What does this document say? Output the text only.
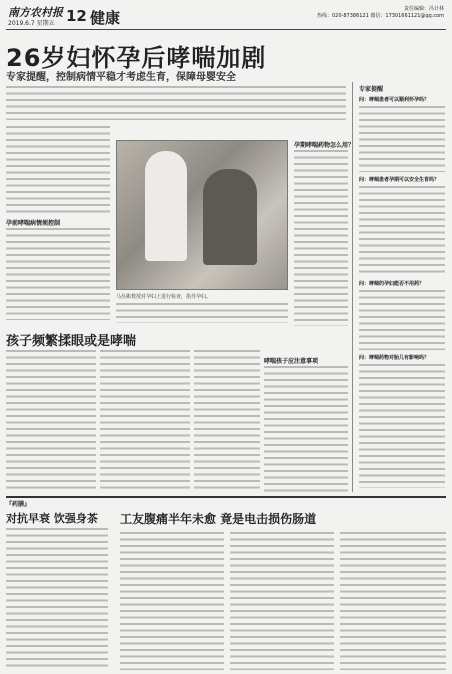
南方农村报
2019.6.7 星期五 12 健康	责任编辑：冯计林
热线：020-87386121 微信：17301661121@qq.com
26岁妇怀孕后哮喘加剧
专家提醒，控制病情平稳才考虑生育，保障母婴安全
孕前哮喘病情须控制
马丛彬教授对孕妇上进行检查，指导孕妇。
孕期哮喘药物怎么用？
专家提醒
问：哮喘患者可以顺利怀孕吗？
问：哮喘患者孕期可以安全生育吗？
问：哮喘的孕妇能否不用药？
问：哮喘药物对胎儿有影响吗？
孩子频繁揉眼或是哮喘
哮喘孩子应注意事项
『药膳』
对抗早衰 饮强身茶 工友腹痛半年未愈 竟是电击损伤肠道
